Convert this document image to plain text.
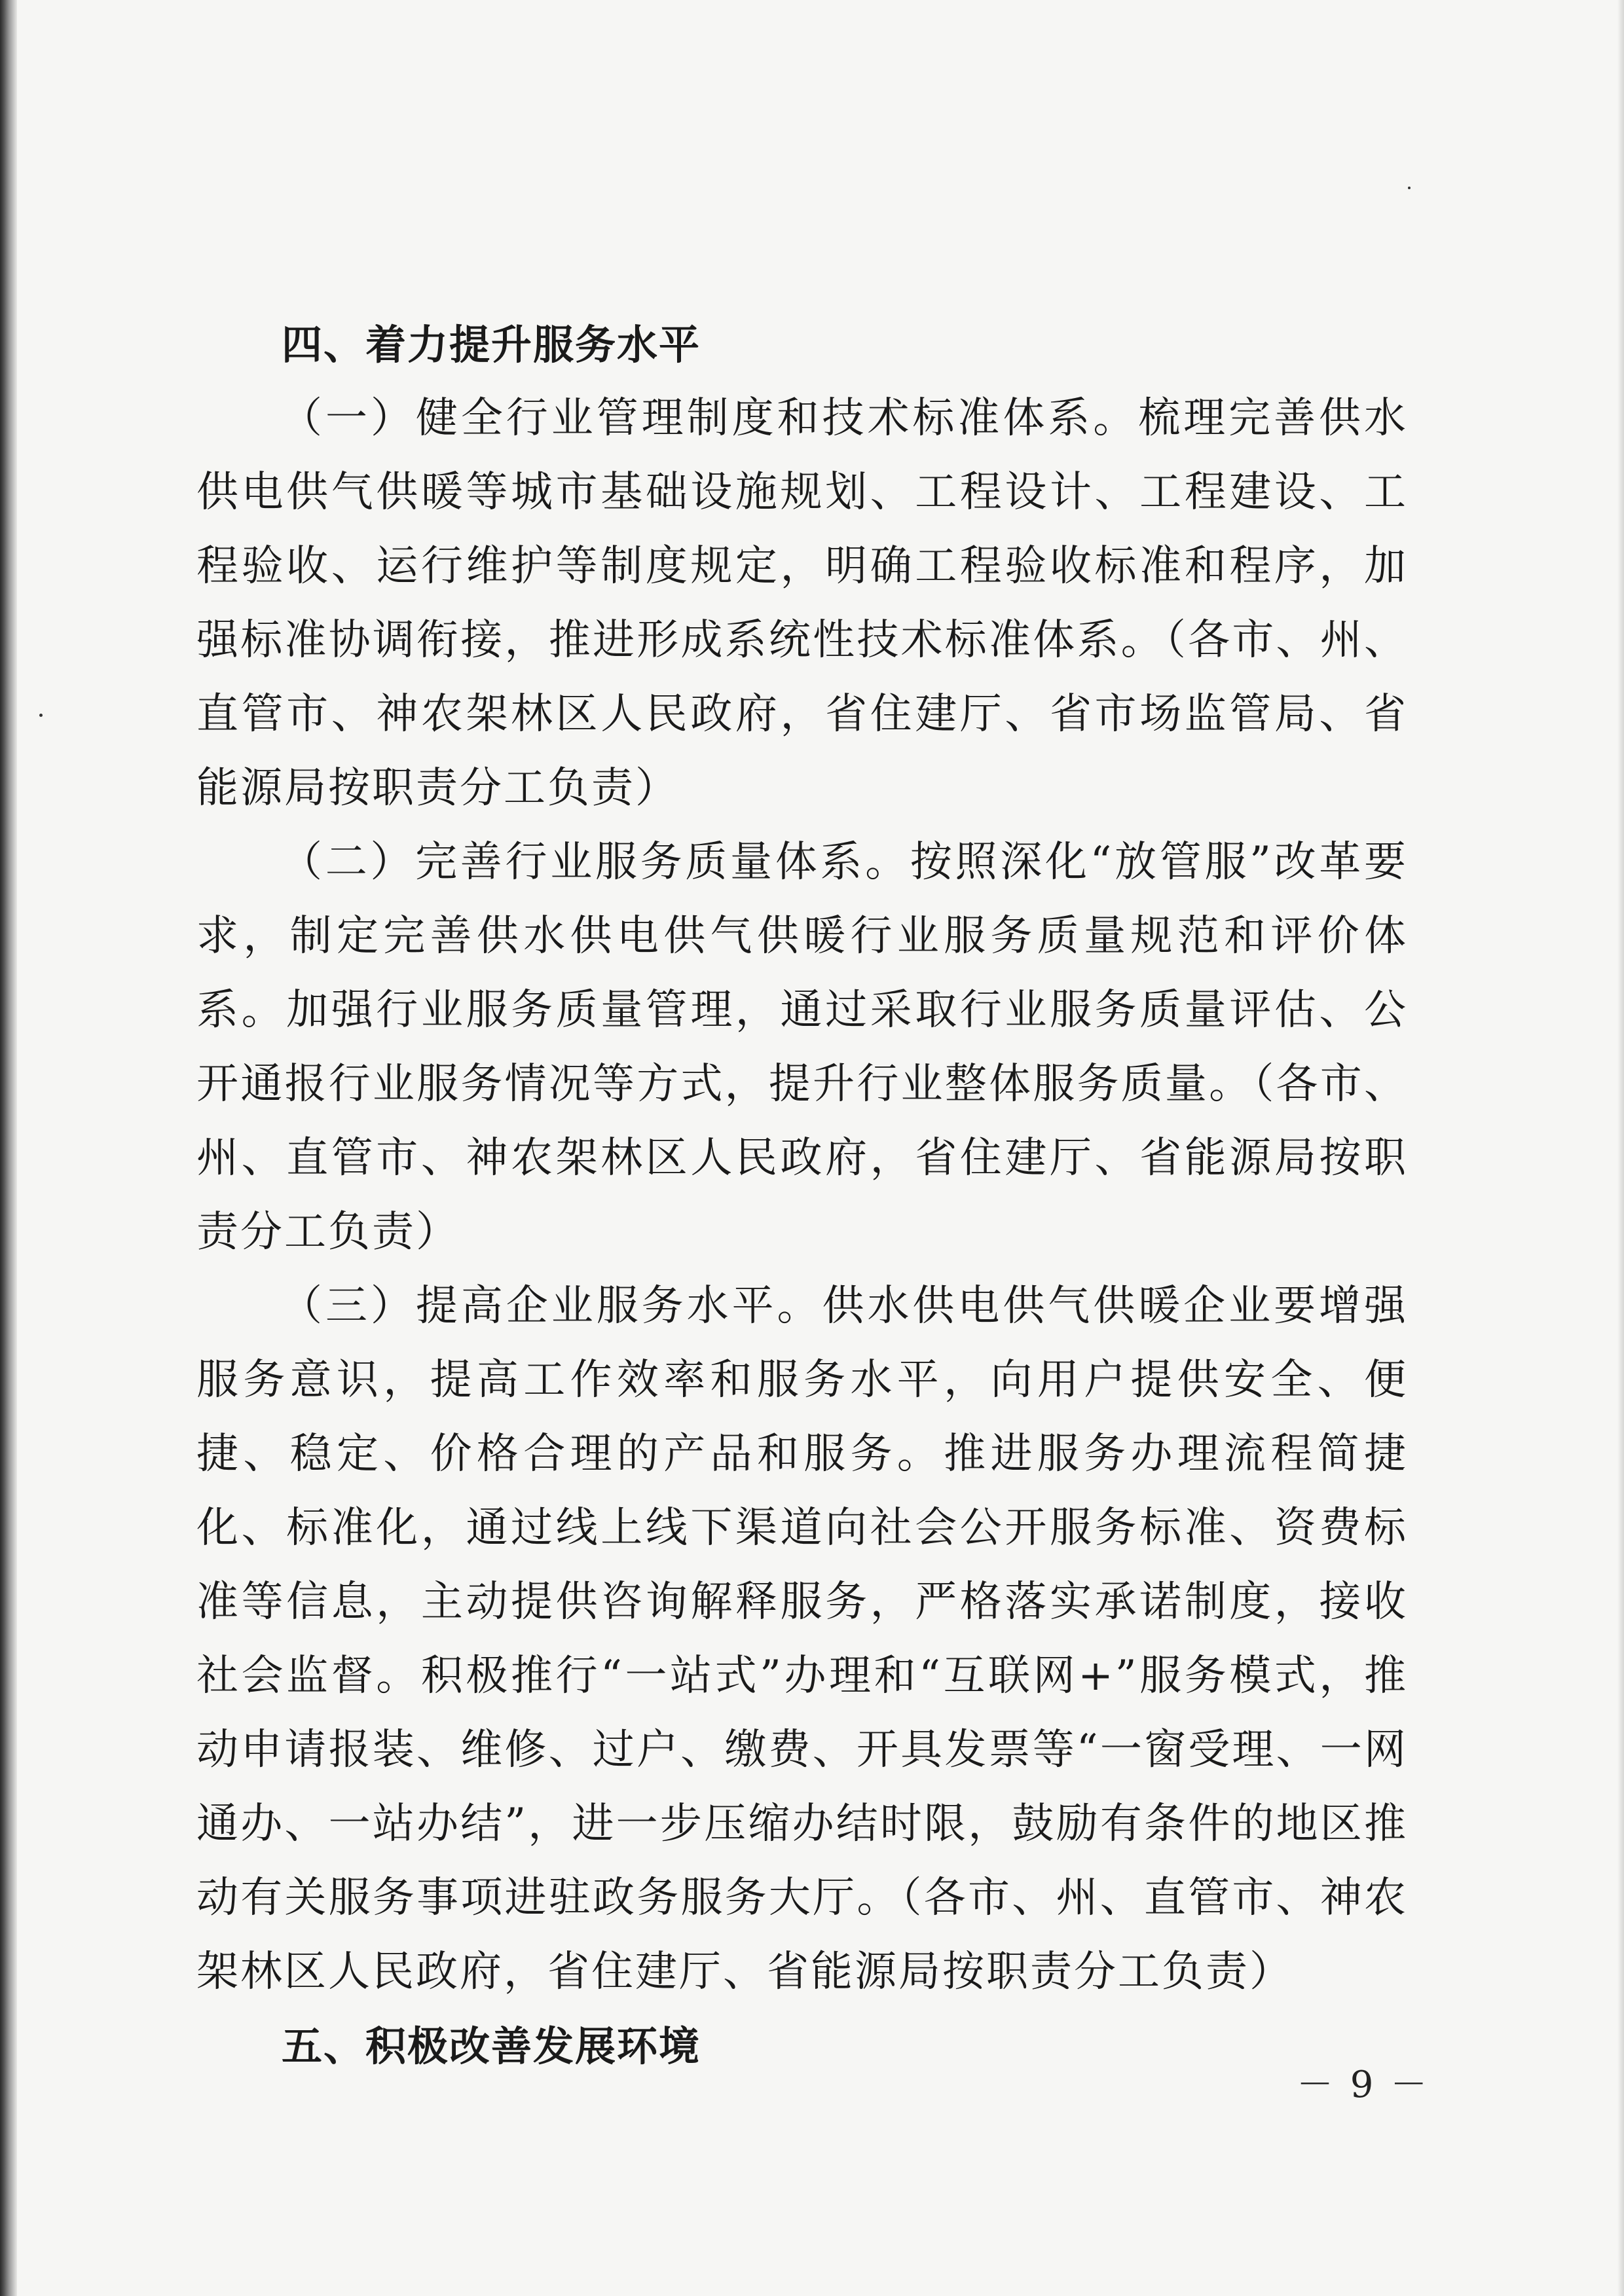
四、着力提升服务水平

（一）健全行业管理制度和技术标准体系。梳理完善供水供电供气供暖等城市基础设施规划、工程设计、工程建设、工程验收、运行维护等制度规定，明确工程验收标准和程序，加强标准协调衔接，推进形成系统性技术标准体系。（各市、州、直管市、神农架林区人民政府，省住建厅、省市场监管局、省能源局按职责分工负责）

（二）完善行业服务质量体系。按照深化“放管服”改革要求，制定完善供水供电供气供暖行业服务质量规范和评价体系。加强行业服务质量管理，通过采取行业服务质量评估、公开通报行业服务情况等方式，提升行业整体服务质量。（各市、州、直管市、神农架林区人民政府，省住建厅、省能源局按职责分工负责）

（三）提高企业服务水平。供水供电供气供暖企业要增强服务意识，提高工作效率和服务水平，向用户提供安全、便捷、稳定、价格合理的产品和服务。推进服务办理流程简捷化、标准化，通过线上线下渠道向社会公开服务标准、资费标准等信息，主动提供咨询解释服务，严格落实承诺制度，接收社会监督。积极推行“一站式”办理和“互联网+”服务模式，推动申请报装、维修、过户、缴费、开具发票等“一窗受理、一网通办、一站办结”，进一步压缩办结时限，鼓励有条件的地区推动有关服务事项进驻政务服务大厅。（各市、州、直管市、神农架林区人民政府，省住建厅、省能源局按职责分工负责）

五、积极改善发展环境

－ 9 －
